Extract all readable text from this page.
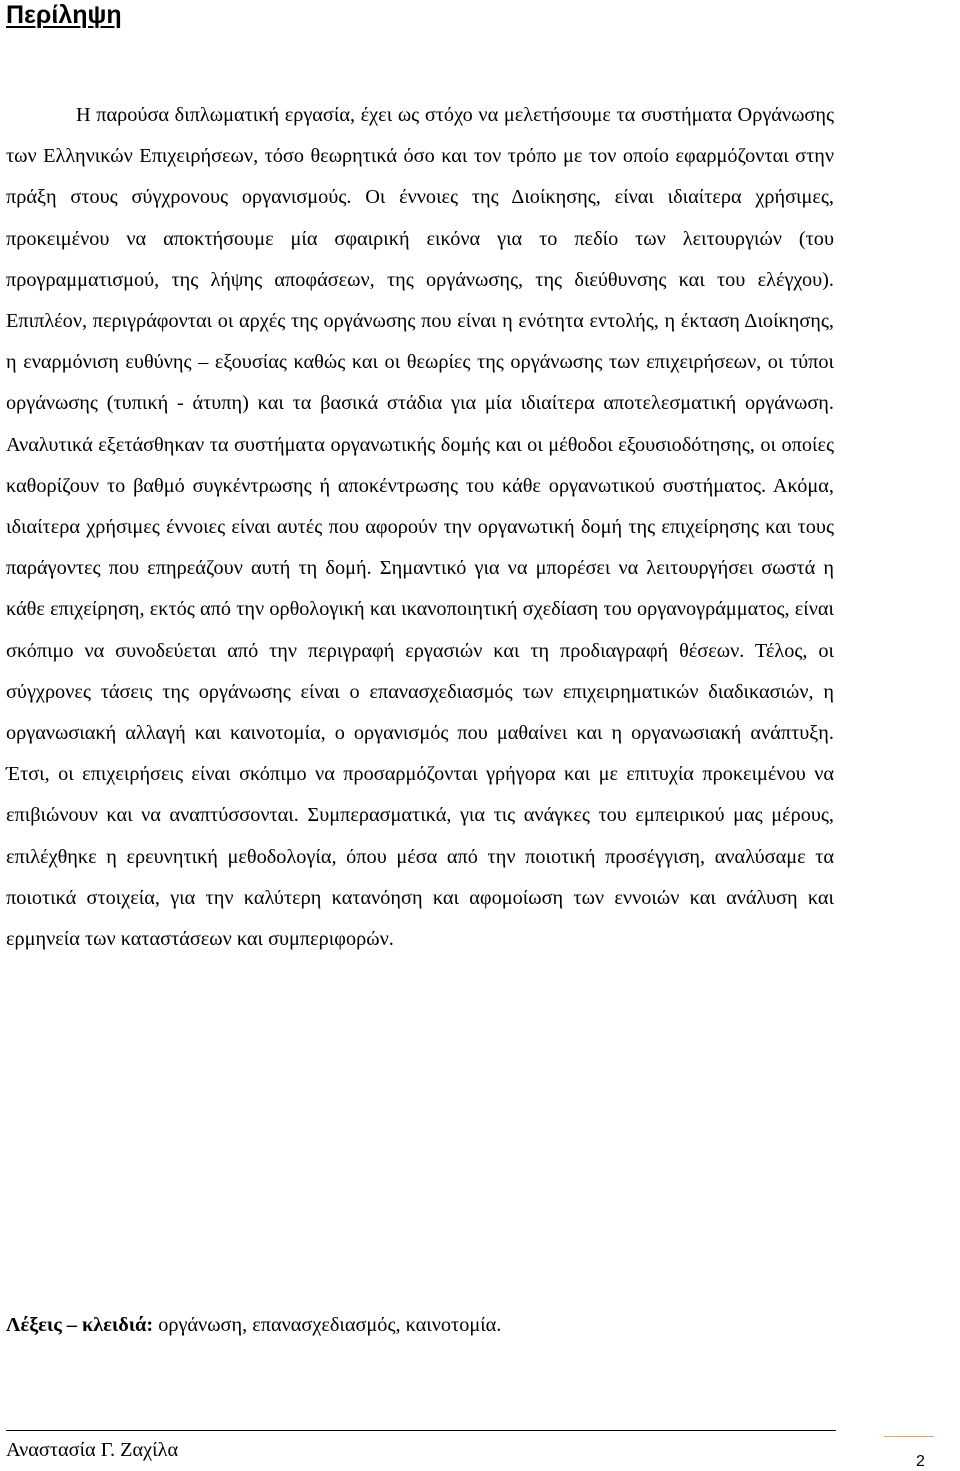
Περίληψη

Η παρούσα διπλωματική εργασία, έχει ως στόχο να μελετήσουμε τα συστήματα Οργάνωσης των Ελληνικών Επιχειρήσεων, τόσο θεωρητικά όσο και τον τρόπο με τον οποίο εφαρμόζονται στην πράξη στους σύγχρονους οργανισμούς. Οι έννοιες της Διοίκησης, είναι ιδιαίτερα χρήσιμες, προκειμένου να αποκτήσουμε μία σφαιρική εικόνα για το πεδίο των λειτουργιών (του προγραμματισμού, της λήψης αποφάσεων, της οργάνωσης, της διεύθυνσης και του ελέγχου). Επιπλέον, περιγράφονται οι αρχές της οργάνωσης που είναι η ενότητα εντολής, η έκταση Διοίκησης, η εναρμόνιση ευθύνης – εξουσίας καθώς και οι θεωρίες της οργάνωσης των επιχειρήσεων, οι τύποι οργάνωσης (τυπική - άτυπη) και τα βασικά στάδια για μία ιδιαίτερα αποτελεσματική οργάνωση. Αναλυτικά εξετάσθηκαν τα συστήματα οργανωτικής δομής και οι μέθοδοι εξουσιοδότησης, οι οποίες καθορίζουν το βαθμό συγκέντρωσης ή αποκέντρωσης του κάθε οργανωτικού συστήματος. Ακόμα, ιδιαίτερα χρήσιμες έννοιες είναι αυτές που αφορούν την οργανωτική δομή της επιχείρησης και τους παράγοντες που επηρεάζουν αυτή τη δομή. Σημαντικό για να μπορέσει να λειτουργήσει σωστά η κάθε επιχείρηση, εκτός από την ορθολογική και ικανοποιητική σχεδίαση του οργανογράμματος, είναι σκόπιμο να συνοδεύεται από την περιγραφή εργασιών και τη προδιαγραφή θέσεων. Τέλος, οι σύγχρονες τάσεις της οργάνωσης είναι ο επανασχεδιασμός των επιχειρηματικών διαδικασιών, η οργανωσιακή αλλαγή και καινοτομία, ο οργανισμός που μαθαίνει και η οργανωσιακή ανάπτυξη. Έτσι, οι επιχειρήσεις είναι σκόπιμο να προσαρμόζονται γρήγορα και με επιτυχία προκειμένου να επιβιώνουν και να αναπτύσσονται. Συμπερασματικά, για τις ανάγκες του εμπειρικού μας μέρους, επιλέχθηκε η ερευνητική μεθοδολογία, όπου μέσα από την ποιοτική προσέγγιση, αναλύσαμε τα ποιοτικά στοιχεία, για την καλύτερη κατανόηση και αφομοίωση των εννοιών και ανάλυση και ερμηνεία των καταστάσεων και συμπεριφορών.

Λέξεις – κλειδιά: οργάνωση, επανασχεδιασμός, καινοτομία.

Αναστασία Γ. Ζαχίλα

2
